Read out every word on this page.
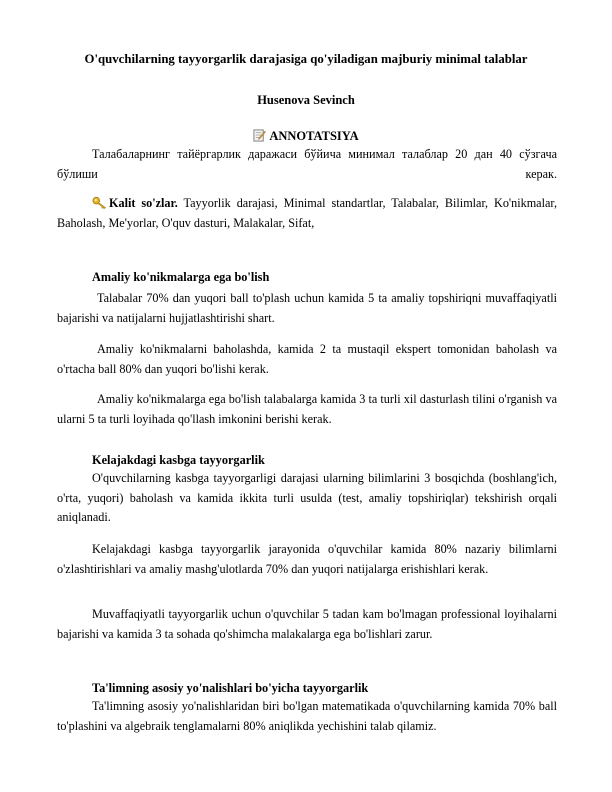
O'quvchilarning tayyorgarlik darajasiga qo'yiladigan majburiy minimal talablar
Husenova Sevinch
ANNOTATSIYA

Талабаларнинг тайёргарлик даражаси бўйича минимал талаблар 20 дан 40 сўзгача бўлиши керак.

Kalit so'zlar. Tayyorlik darajasi, Minimal standartlar, Talabalar, Bilimlar, Ko'nikmalar, Baholash, Me'yorlar, O'quv dasturi, Malakalar, Sifat,

Amaliy ko'nikmalarga ega bo'lish

Talabalar 70% dan yuqori ball to'plash uchun kamida 5 ta amaliy topshiriqni muvaffaqiyatli bajarishi va natijalarni hujjatlashtirishi shart.

Amaliy ko'nikmalarni baholashda, kamida 2 ta mustaqil ekspert tomonidan baholash va o'rtacha ball 80% dan yuqori bo'lishi kerak.

Amaliy ko'nikmalarga ega bo'lish talabalarga kamida 3 ta turli xil dasturlash tilini o'rganish va ularni 5 ta turli loyihada qo'llash imkonini berishi kerak.

Kelajakdagi kasbga tayyorgarlik

O'quvchilarning kasbga tayyorgarligi darajasi ularning bilimlarini 3 bosqichda (boshlang'ich, o'rta, yuqori) baholash va kamida ikkita turli usulda (test, amaliy topshiriqlar) tekshirish orqali aniqlanadi.

Kelajakdagi kasbga tayyorgarlik jarayonida o'quvchilar kamida 80% nazariy bilimlarni o'zlashtirishlari va amaliy mashg'ulotlarda 70% dan yuqori natijalarga erishishlari kerak.

Muvaffaqiyatli tayyorgarlik uchun o'quvchilar 5 tadan kam bo'lmagan professional loyihalarni bajarishi va kamida 3 ta sohada qo'shimcha malakalarga ega bo'lishlari zarur.

Ta'limning asosiy yo'nalishlari bo'yicha tayyorgarlik

Ta'limning asosiy yo'nalishlaridan biri bo'lgan matematikada o'quvchilarning kamida 70% ball to'plashini va algebraik tenglamalarni 80% aniqlikda yechishini talab qilamiz.
